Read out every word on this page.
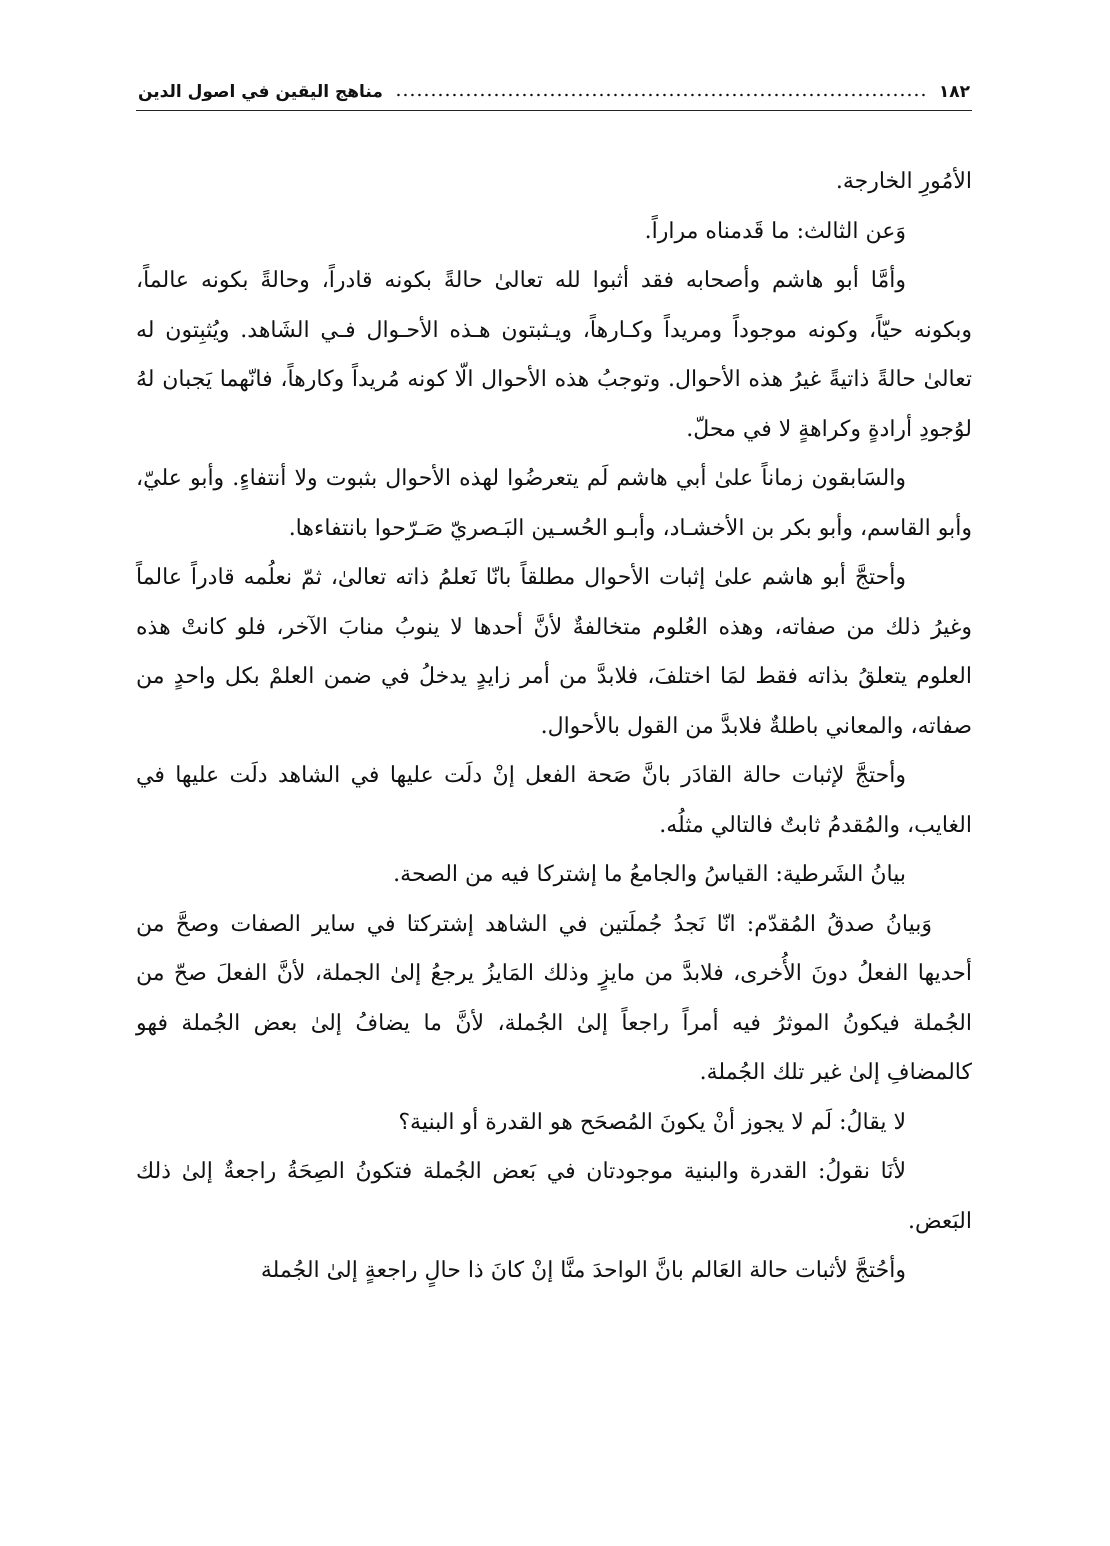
١٨٢
مناهج اليقين في اصول الدين

الأمُورِ الخارجة.

وَعن الثالث: ما قَدمناه مراراً.

وأمَّا أبو هاشم وأصحابه فقد أثبوا لله تعالىٰ حالةً بكونه قادراً، وحالةً بكونه عالماً، وبكونه حيّاً، وكونه موجوداً ومريداً وكـارهاً، ويـثبتون هـذه الأحـوال فـي الشَاهد. ويُثبِتون له تعالىٰ حالةً ذاتيةً غيرُ هذه الأحوال. وتوجبُ هذه الأحوال الّا كونه مُريداً وكارهاً، فانّهما يَجبان لهُ لوُجودِ أرادةٍ وكراهةٍ لا في محلّ.

والسَابقون زماناً علىٰ أبي هاشم لَم يتعرضُوا لهذه الأحوال بثبوت ولا أنتفاءٍ. وأبو عليّ، وأبو القاسم، وأبو بكر بن الأخشـاد، وأبـو الحُسـين البَـصريّ صَـرّحوا بانتفاءها.

وأحتجَّ أبو هاشم علىٰ إثبات الأحوال مطلقاً بانّا نَعلمُ ذاته تعالىٰ، ثمّ نعلُمه قادراً عالماً وغيرُ ذلك من صفاته، وهذه العُلوم متخالفةٌ لأنَّ أحدها لا ينوبُ منابَ الآخر، فلو كانتْ هذه العلوم يتعلقُ بذاته فقط لمَا اختلفَ، فلابدَّ من أمر زايدٍ يدخلُ في ضمن العلمْ بكل واحدٍ من صفاته، والمعاني باطلةٌ فلابدَّ من القول بالأحوال.

وأحتجَّ لإثبات حالة القادَر بانَّ صَحة الفعل إنْ دلَت عليها في الشاهد دلَت عليها في الغايب، والمُقدمُ ثابتٌ فالتالي مثلُه.

بيانُ الشَرطية: القياسُ والجامعُ ما إشتركا فيه من الصحة.

وَبيانُ صدقُ المُقدّم: انّا نَجدُ جُملَتين في الشاهد إشتركتا في ساير الصفات وصحَّ من أحديها الفعلُ دونَ الأُخرى، فلابدَّ من مايزٍ وذلك المَايزُ يرجعُ إلىٰ الجملة، لأنَّ الفعلَ صحّ من الجُملة فيكونُ الموثرُ فيه أمراً راجعاً إلىٰ الجُملة، لأنَّ ما يضافُ إلىٰ بعض الجُملة فهو كالمضافِ إلىٰ غير تلك الجُملة.

لا يقالُ: لَم لا يجوز أنْ يكونَ المُصحَح هو القدرة أو البنية؟

لأنَا نقولُ: القدرة والبنية موجودتان في بَعض الجُملة فتكونُ الصِحَةُ راجعةٌ إلىٰ ذلك البَعض.

وأحُتجَّ لأثبات حالة العَالم بانَّ الواحدَ منَّا إنْ كانَ ذا حالٍ راجعةٍ إلىٰ الجُملة
